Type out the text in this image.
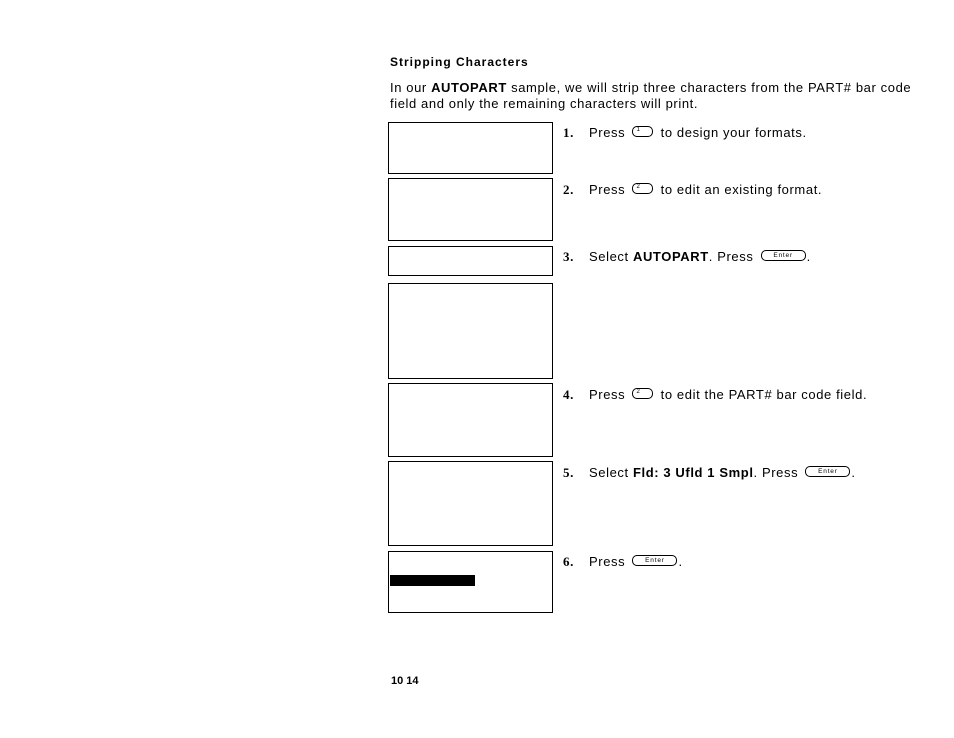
Stripping Characters
In our AUTOPART sample, we will strip three characters from the PART# bar code field and only the remaining characters will print.
1. Press 1 to design your formats.
2. Press 2 to edit an existing format.
3. Select AUTOPART. Press	Enter .
4. Press 2 to edit the PART# bar code field.
5. Select Fld: 3 Ufld 1 Smpl. Press	Enter .
6. Press	Enter .
10 14
